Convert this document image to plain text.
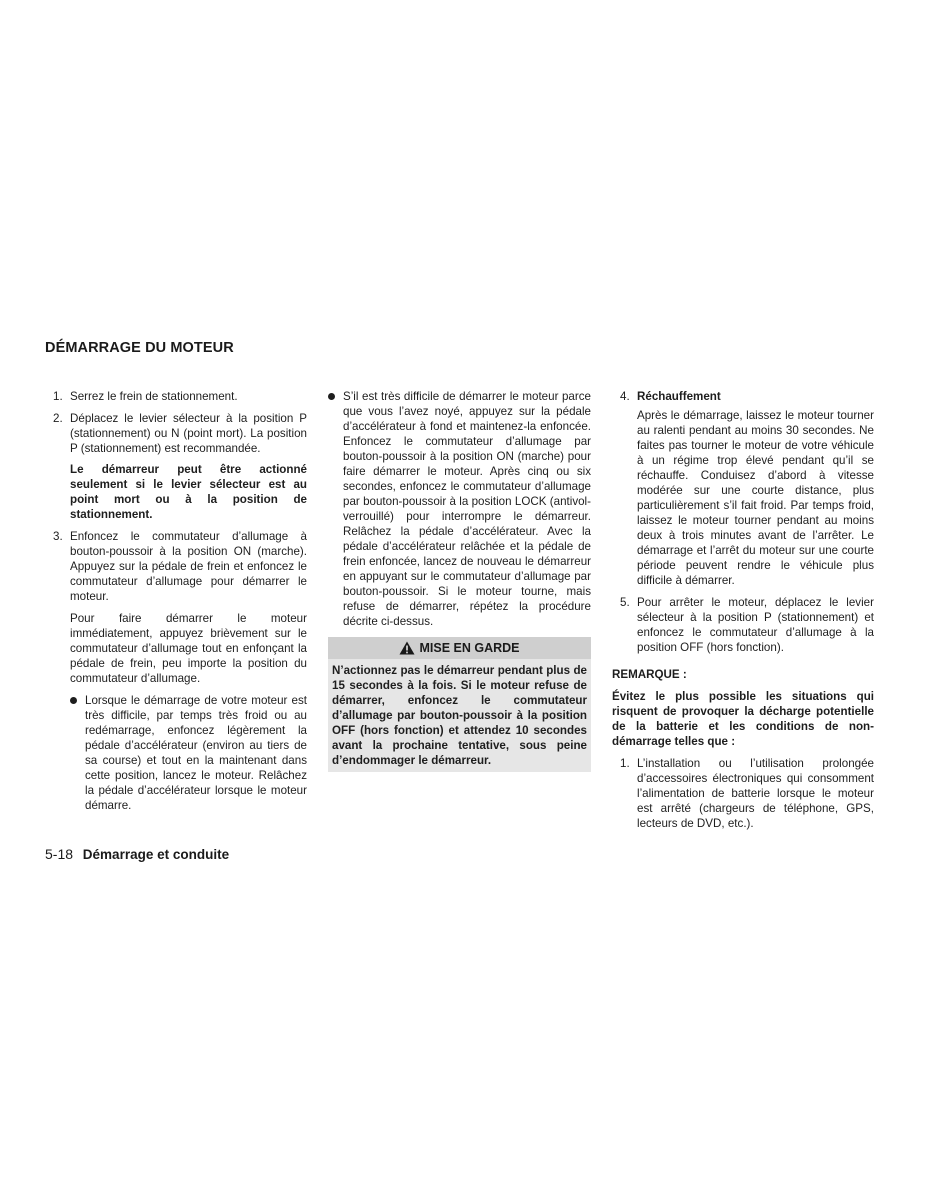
DÉMARRAGE DU MOTEUR
1. Serrez le frein de stationnement.

2. Déplacez le levier sélecteur à la position P (stationnement) ou N (point mort). La position P (stationnement) est recommandée.

Le démarreur peut être actionné seulement si le levier sélecteur est au point mort ou à la position de stationnement.

3. Enfoncez le commutateur d’allumage à bouton-poussoir à la position ON (marche). Appuyez sur la pédale de frein et enfoncez le commutateur d’allumage pour démarrer le moteur.

Pour faire démarrer le moteur immédiatement, appuyez brièvement sur le commutateur d’allumage tout en enfonçant la pédale de frein, peu importe la position du commutateur d’allumage.

Lorsque le démarrage de votre moteur est très difficile, par temps très froid ou au redémarrage, enfoncez légèrement la pédale d’accélérateur (environ au tiers de sa course) et tout en la maintenant dans cette position, lancez le moteur. Relâchez la pédale d’accélérateur lorsque le moteur démarre.

S’il est très difficile de démarrer le moteur parce que vous l’avez noyé, appuyez sur la pédale d’accélérateur à fond et maintenez-la enfoncée. Enfoncez le commutateur d’allumage par bouton-poussoir à la position ON (marche) pour faire démarrer le moteur. Après cinq ou six secondes, enfoncez le commutateur d’allumage par bouton-poussoir à la position LOCK (antivol-verrouillé) pour interrompre le démarreur. Relâchez la pédale d’accélérateur. Avec la pédale d’accélérateur relâchée et la pédale de frein enfoncée, lancez de nouveau le démarreur en appuyant sur le commutateur d’allumage par bouton-poussoir. Si le moteur tourne, mais refuse de démarrer, répétez la procédure décrite ci-dessus.

MISE EN GARDE

N’actionnez pas le démarreur pendant plus de 15 secondes à la fois. Si le moteur refuse de démarrer, enfoncez le commutateur d’allumage par bouton-poussoir à la position OFF (hors fonction) et attendez 10 secondes avant la prochaine tentative, sous peine d’endommager le démarreur.

4. Réchauffement

Après le démarrage, laissez le moteur tourner au ralenti pendant au moins 30 secondes. Ne faites pas tourner le moteur de votre véhicule à un régime trop élevé pendant qu’il se réchauffe. Conduisez d’abord à vitesse modérée sur une courte distance, plus particulièrement s’il fait froid. Par temps froid, laissez le moteur tourner pendant au moins deux à trois minutes avant de l’arrêter. Le démarrage et l’arrêt du moteur sur une courte période peuvent rendre le véhicule plus difficile à démarrer.

5. Pour arrêter le moteur, déplacez le levier sélecteur à la position P (stationnement) et enfoncez le commutateur d’allumage à la position OFF (hors fonction).

REMARQUE :

Évitez le plus possible les situations qui risquent de provoquer la décharge potentielle de la batterie et les conditions de non-démarrage telles que :

1. L’installation ou l’utilisation prolongée d’accessoires électroniques qui consomment l’alimentation de batterie lorsque le moteur est arrêté (chargeurs de téléphone, GPS, lecteurs de DVD, etc.).

5-18 Démarrage et conduite
